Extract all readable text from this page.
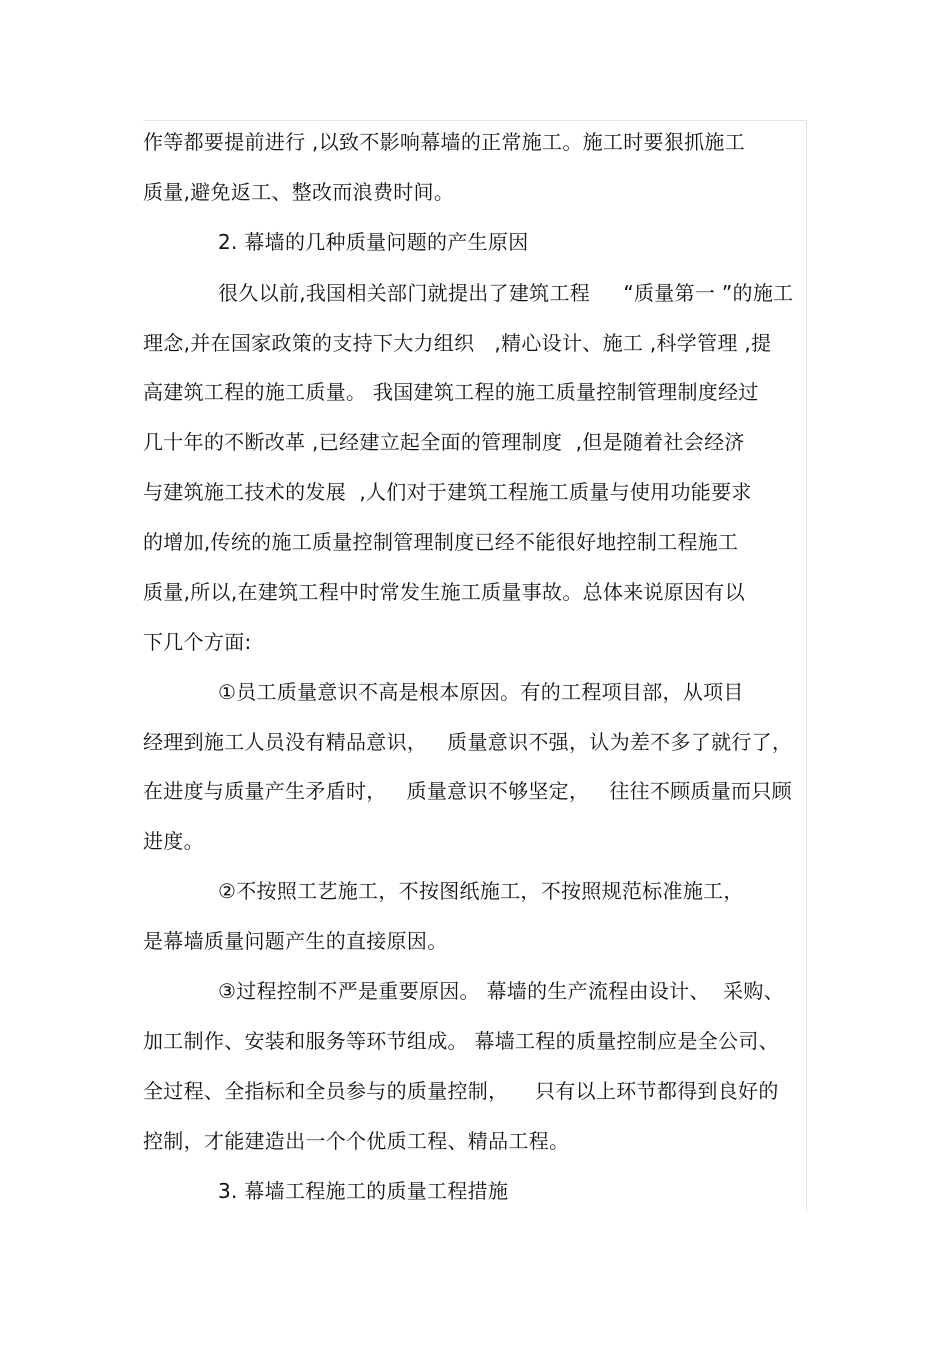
作等都要提前进行 ,以致不影响幕墙的正常施工。施工时要狠抓施工
质量,避免返工、整改而浪费时间。
2. 幕墙的几种质量问题的产生原因
很久以前,我国相关部门就提出了建筑工程     “质量第一 ”的施工
理念,并在国家政策的支持下大力组织   ,精心设计、施工 ,科学管理 ,提
高建筑工程的施工质量。 我国建筑工程的施工质量控制管理制度经过
几十年的不断改革 ,已经建立起全面的管理制度  ,但是随着社会经济
与建筑施工技术的发展  ,人们对于建筑工程施工质量与使用功能要求
的增加,传统的施工质量控制管理制度已经不能很好地控制工程施工
质量,所以,在建筑工程中时常发生施工质量事故。总体来说原因有以
下几个方面:
①员工质量意识不高是根本原因。有的工程项目部，从项目
经理到施工人员没有精品意识，   质量意识不强，认为差不多了就行了，
在进度与质量产生矛盾时，   质量意识不够坚定，   往往不顾质量而只顾
进度。
②不按照工艺施工，不按图纸施工，不按照规范标准施工，
是幕墙质量问题产生的直接原因。
③过程控制不严是重要原因。 幕墙的生产流程由设计、  采购、
加工制作、安装和服务等环节组成。 幕墙工程的质量控制应是全公司、
全过程、全指标和全员参与的质量控制，    只有以上环节都得到良好的
控制，才能建造出一个个优质工程、精品工程。
3. 幕墙工程施工的质量工程措施
